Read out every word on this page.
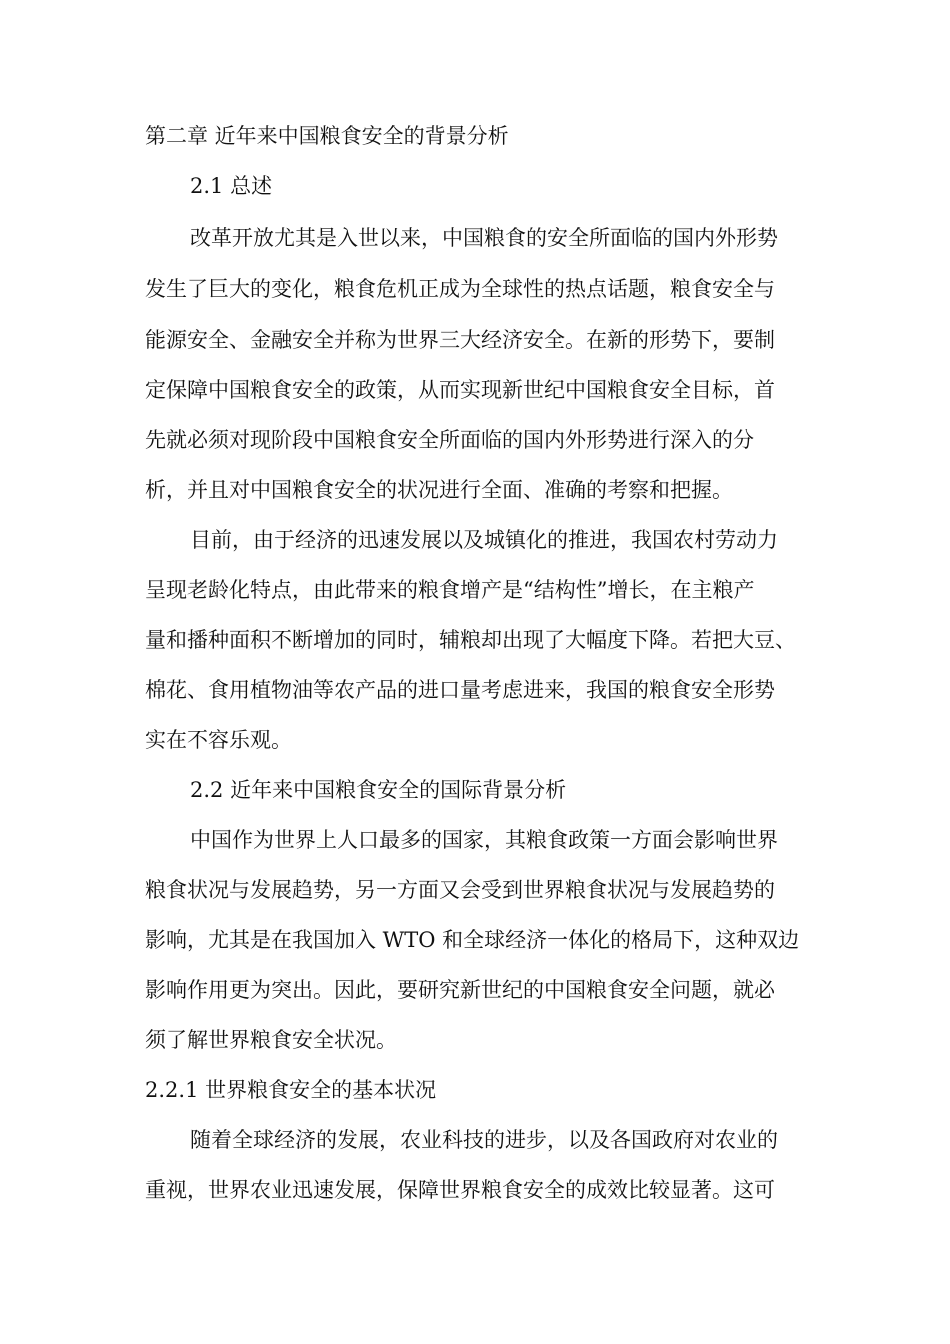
第二章 近年来中国粮食安全的背景分析
2.1 总述
改革开放尤其是入世以来，中国粮食的安全所面临的国内外形势
发生了巨大的变化，粮食危机正成为全球性的热点话题，粮食安全与
能源安全、金融安全并称为世界三大经济安全。在新的形势下，要制
定保障中国粮食安全的政策，从而实现新世纪中国粮食安全目标，首
先就必须对现阶段中国粮食安全所面临的国内外形势进行深入的分
析，并且对中国粮食安全的状况进行全面、准确的考察和把握。
目前，由于经济的迅速发展以及城镇化的推进，我国农村劳动力
呈现老龄化特点，由此带来的粮食增产是“结构性”增长，在主粮产
量和播种面积不断增加的同时，辅粮却出现了大幅度下降。若把大豆、
棉花、食用植物油等农产品的进口量考虑进来，我国的粮食安全形势
实在不容乐观。
2.2 近年来中国粮食安全的国际背景分析
中国作为世界上人口最多的国家，其粮食政策一方面会影响世界
粮食状况与发展趋势，另一方面又会受到世界粮食状况与发展趋势的
影响，尤其是在我国加入 WTO 和全球经济一体化的格局下，这种双边
影响作用更为突出。因此，要研究新世纪的中国粮食安全问题，就必
须了解世界粮食安全状况。
2.2.1 世界粮食安全的基本状况
随着全球经济的发展，农业科技的进步，以及各国政府对农业的
重视，世界农业迅速发展，保障世界粮食安全的成效比较显著。这可
